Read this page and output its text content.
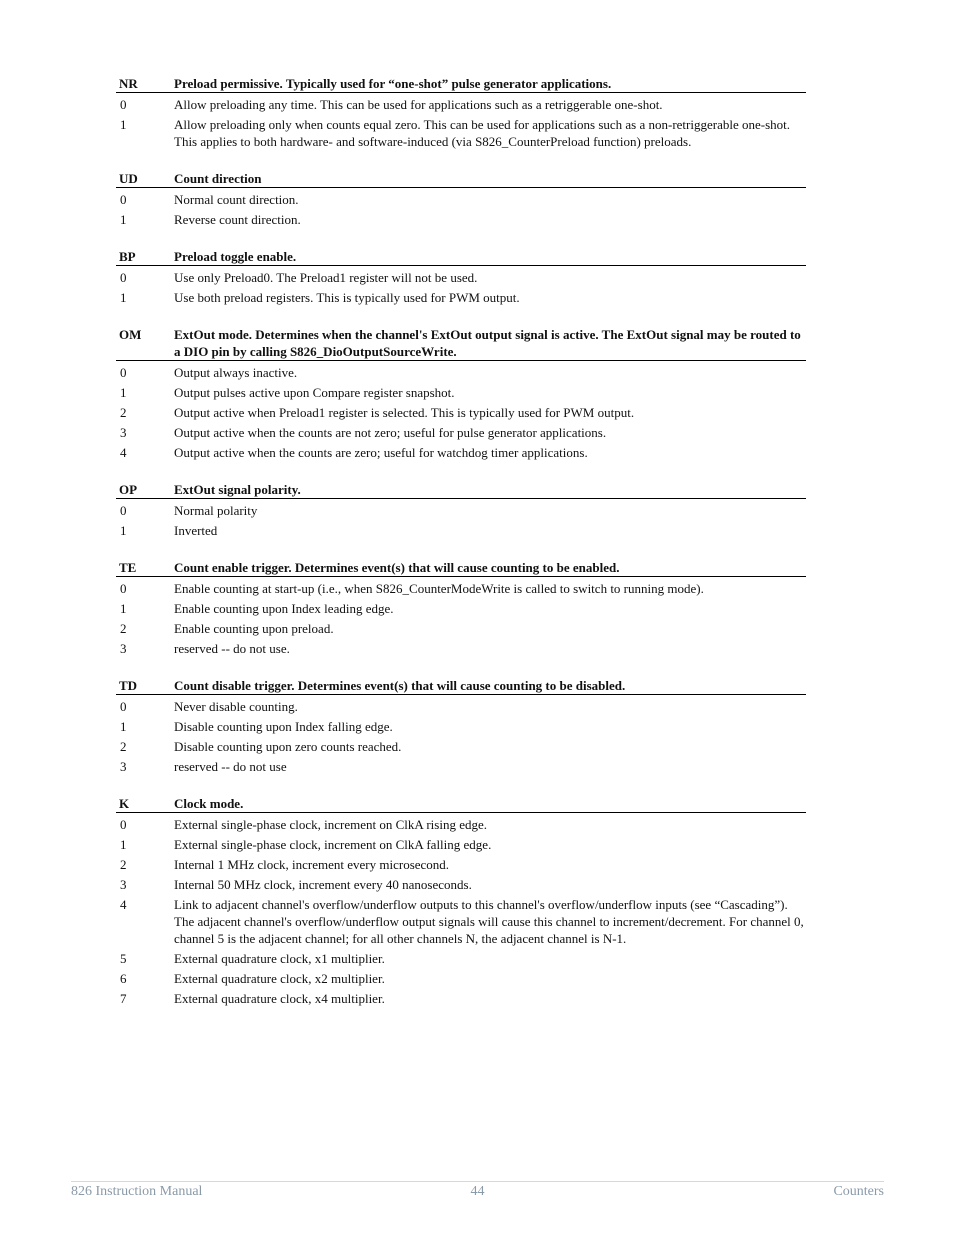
NR	Preload permissive. Typically used for “one-shot” pulse generator applications.
0	Allow preloading any time. This can be used for applications such as a retriggerable one-shot.
1	Allow preloading only when counts equal zero. This can be used for applications such as a non-retriggerable one-shot. This applies to both hardware- and software-induced (via S826_CounterPreload function) preloads.
UD	Count direction
0	Normal count direction.
1	Reverse count direction.
BP	Preload toggle enable.
0	Use only Preload0. The Preload1 register will not be used.
1	Use both preload registers. This is typically used for PWM output.
OM	ExtOut mode. Determines when the channel's ExtOut output signal is active. The ExtOut signal may be routed to a DIO pin by calling S826_DioOutputSourceWrite.
0	Output always inactive.
1	Output pulses active upon Compare register snapshot.
2	Output active when Preload1 register is selected. This is typically used for PWM output.
3	Output active when the counts are not zero; useful for pulse generator applications.
4	Output active when the counts are zero; useful for watchdog timer applications.
OP	ExtOut signal polarity.
0	Normal polarity
1	Inverted
TE	Count enable trigger. Determines event(s) that will cause counting to be enabled.
0	Enable counting at start-up (i.e., when S826_CounterModeWrite is called to switch to running mode).
1	Enable counting upon Index leading edge.
2	Enable counting upon preload.
3	reserved -- do not use.
TD	Count disable trigger. Determines event(s) that will cause counting to be disabled.
0	Never disable counting.
1	Disable counting upon Index falling edge.
2	Disable counting upon zero counts reached.
3	reserved -- do not use
K	Clock mode.
0	External single-phase clock, increment on ClkA rising edge.
1	External single-phase clock, increment on ClkA falling edge.
2	Internal 1 MHz clock, increment every microsecond.
3	Internal 50 MHz clock, increment every 40 nanoseconds.
4	Link to adjacent channel's overflow/underflow outputs to this channel's overflow/underflow inputs (see “Cascading”). The adjacent channel's overflow/underflow output signals will cause this channel to increment/decrement. For channel 0, channel 5 is the adjacent channel; for all other channels N, the adjacent channel is N-1.
5	External quadrature clock, x1 multiplier.
6	External quadrature clock, x2 multiplier.
7	External quadrature clock, x4 multiplier.
826 Instruction Manual	44	Counters
